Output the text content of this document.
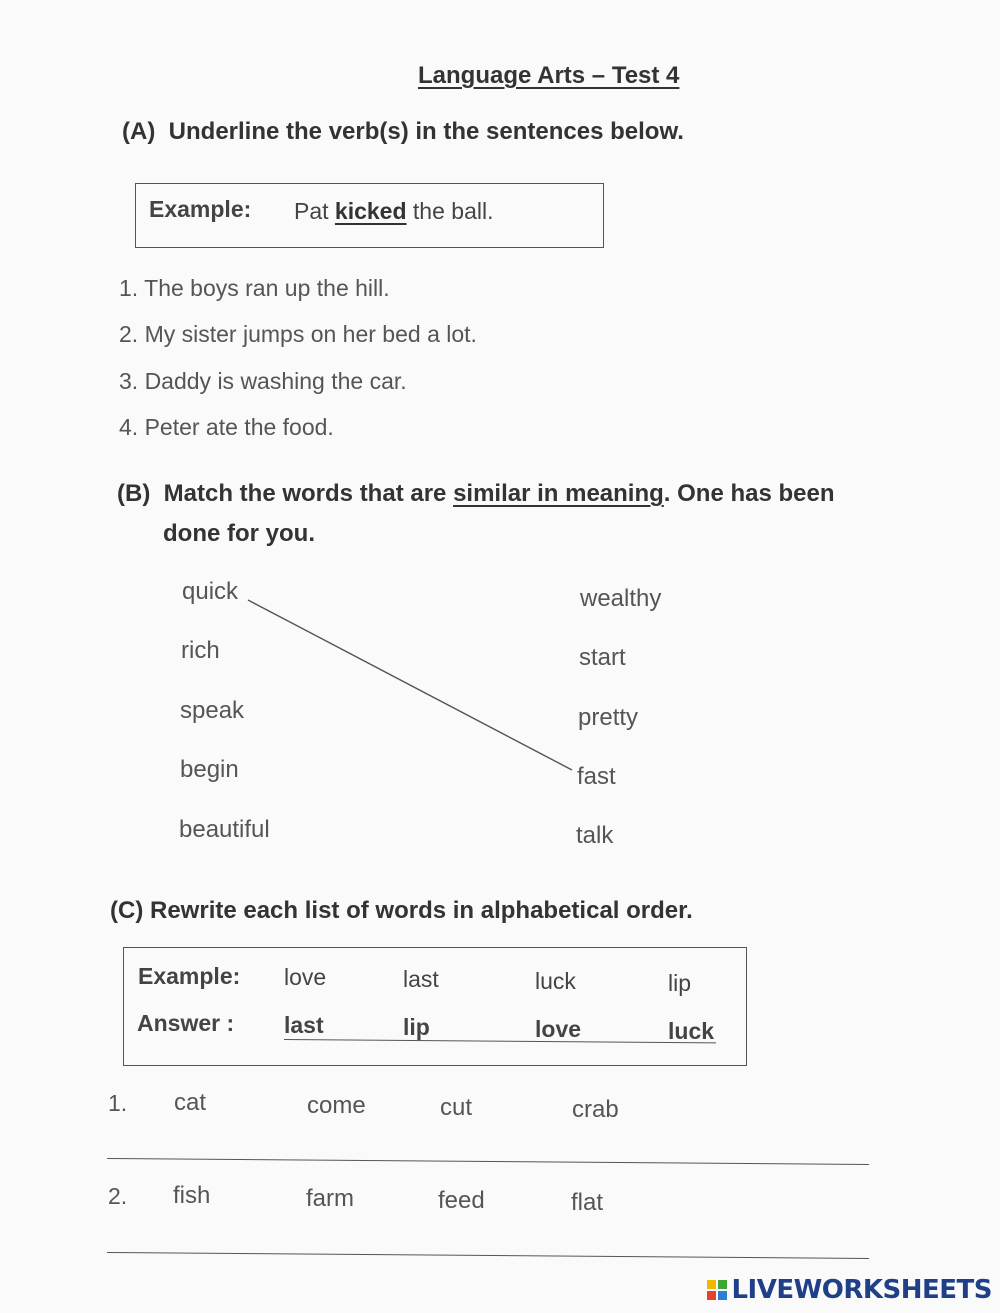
Language Arts – Test 4
(A) Underline the verb(s) in the sentences below.
Example: Pat kicked the ball.
1. The boys ran up the hill.
2. My sister jumps on her bed a lot.
3. Daddy is washing the car.
4. Peter ate the food.
(B) Match the words that are similar in meaning. One has been
done for you.
quick
rich
speak
begin
beautiful
wealthy
start
pretty
fast
talk
(C) Rewrite each list of words in alphabetical order.
Example: love	last	luck	lip
Answer : last	lip	love	luck
1. cat	come	cut	crab
2. fish	farm	feed	flat
LIVEWORKSHEETS
